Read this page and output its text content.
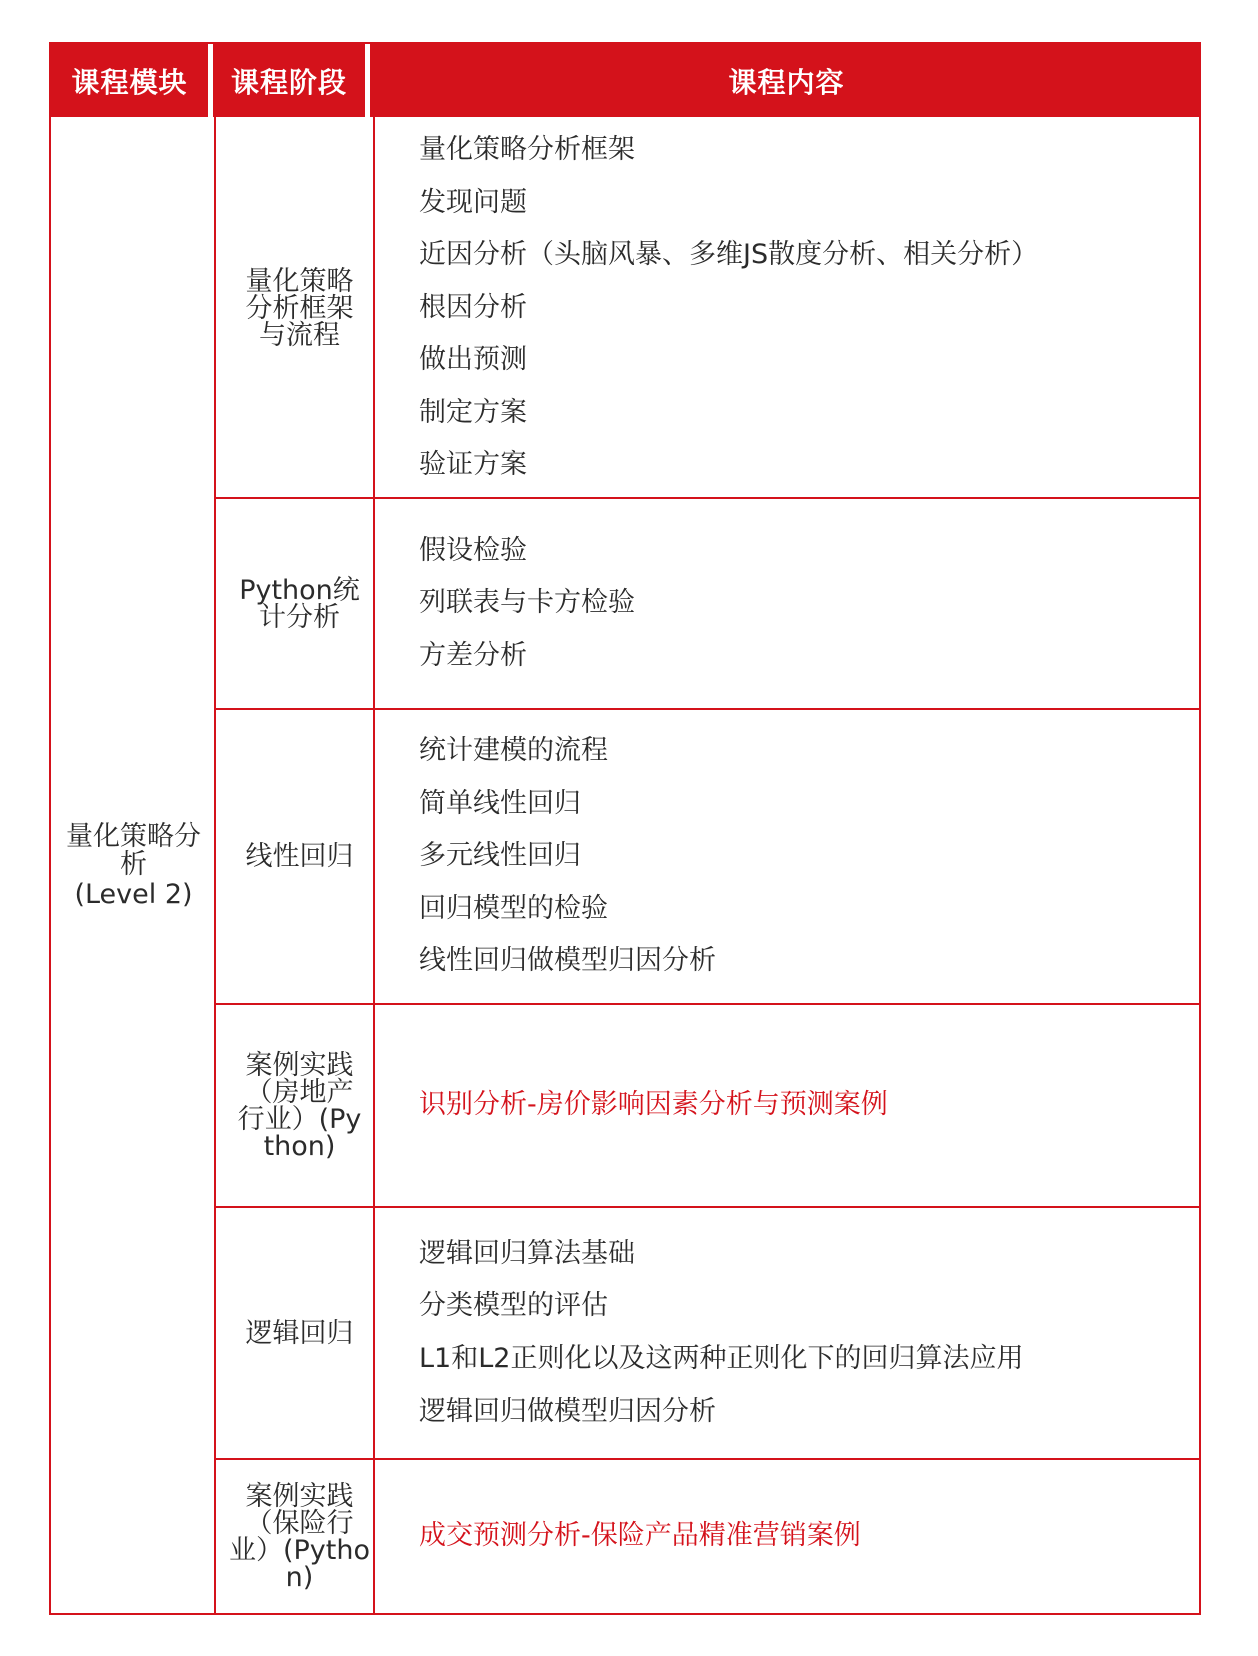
课程模块	课程阶段	课程内容
量化策略分析
(Level 2)
量化策略分析框架与流程
量化策略分析框架
发现问题
近因分析（头脑风暴、多维JS散度分析、相关分析）
根因分析
做出预测
制定方案
验证方案
Python统计分析
假设检验
列联表与卡方检验
方差分析
线性回归
统计建模的流程
简单线性回归
多元线性回归
回归模型的检验
线性回归做模型归因分析
案例实践（房地产行业）(Python)
识别分析-房价影响因素分析与预测案例
逻辑回归
逻辑回归算法基础
分类模型的评估
L1和L2正则化以及这两种正则化下的回归算法应用
逻辑回归做模型归因分析
案例实践（保险行业）(Python)
成交预测分析-保险产品精准营销案例
